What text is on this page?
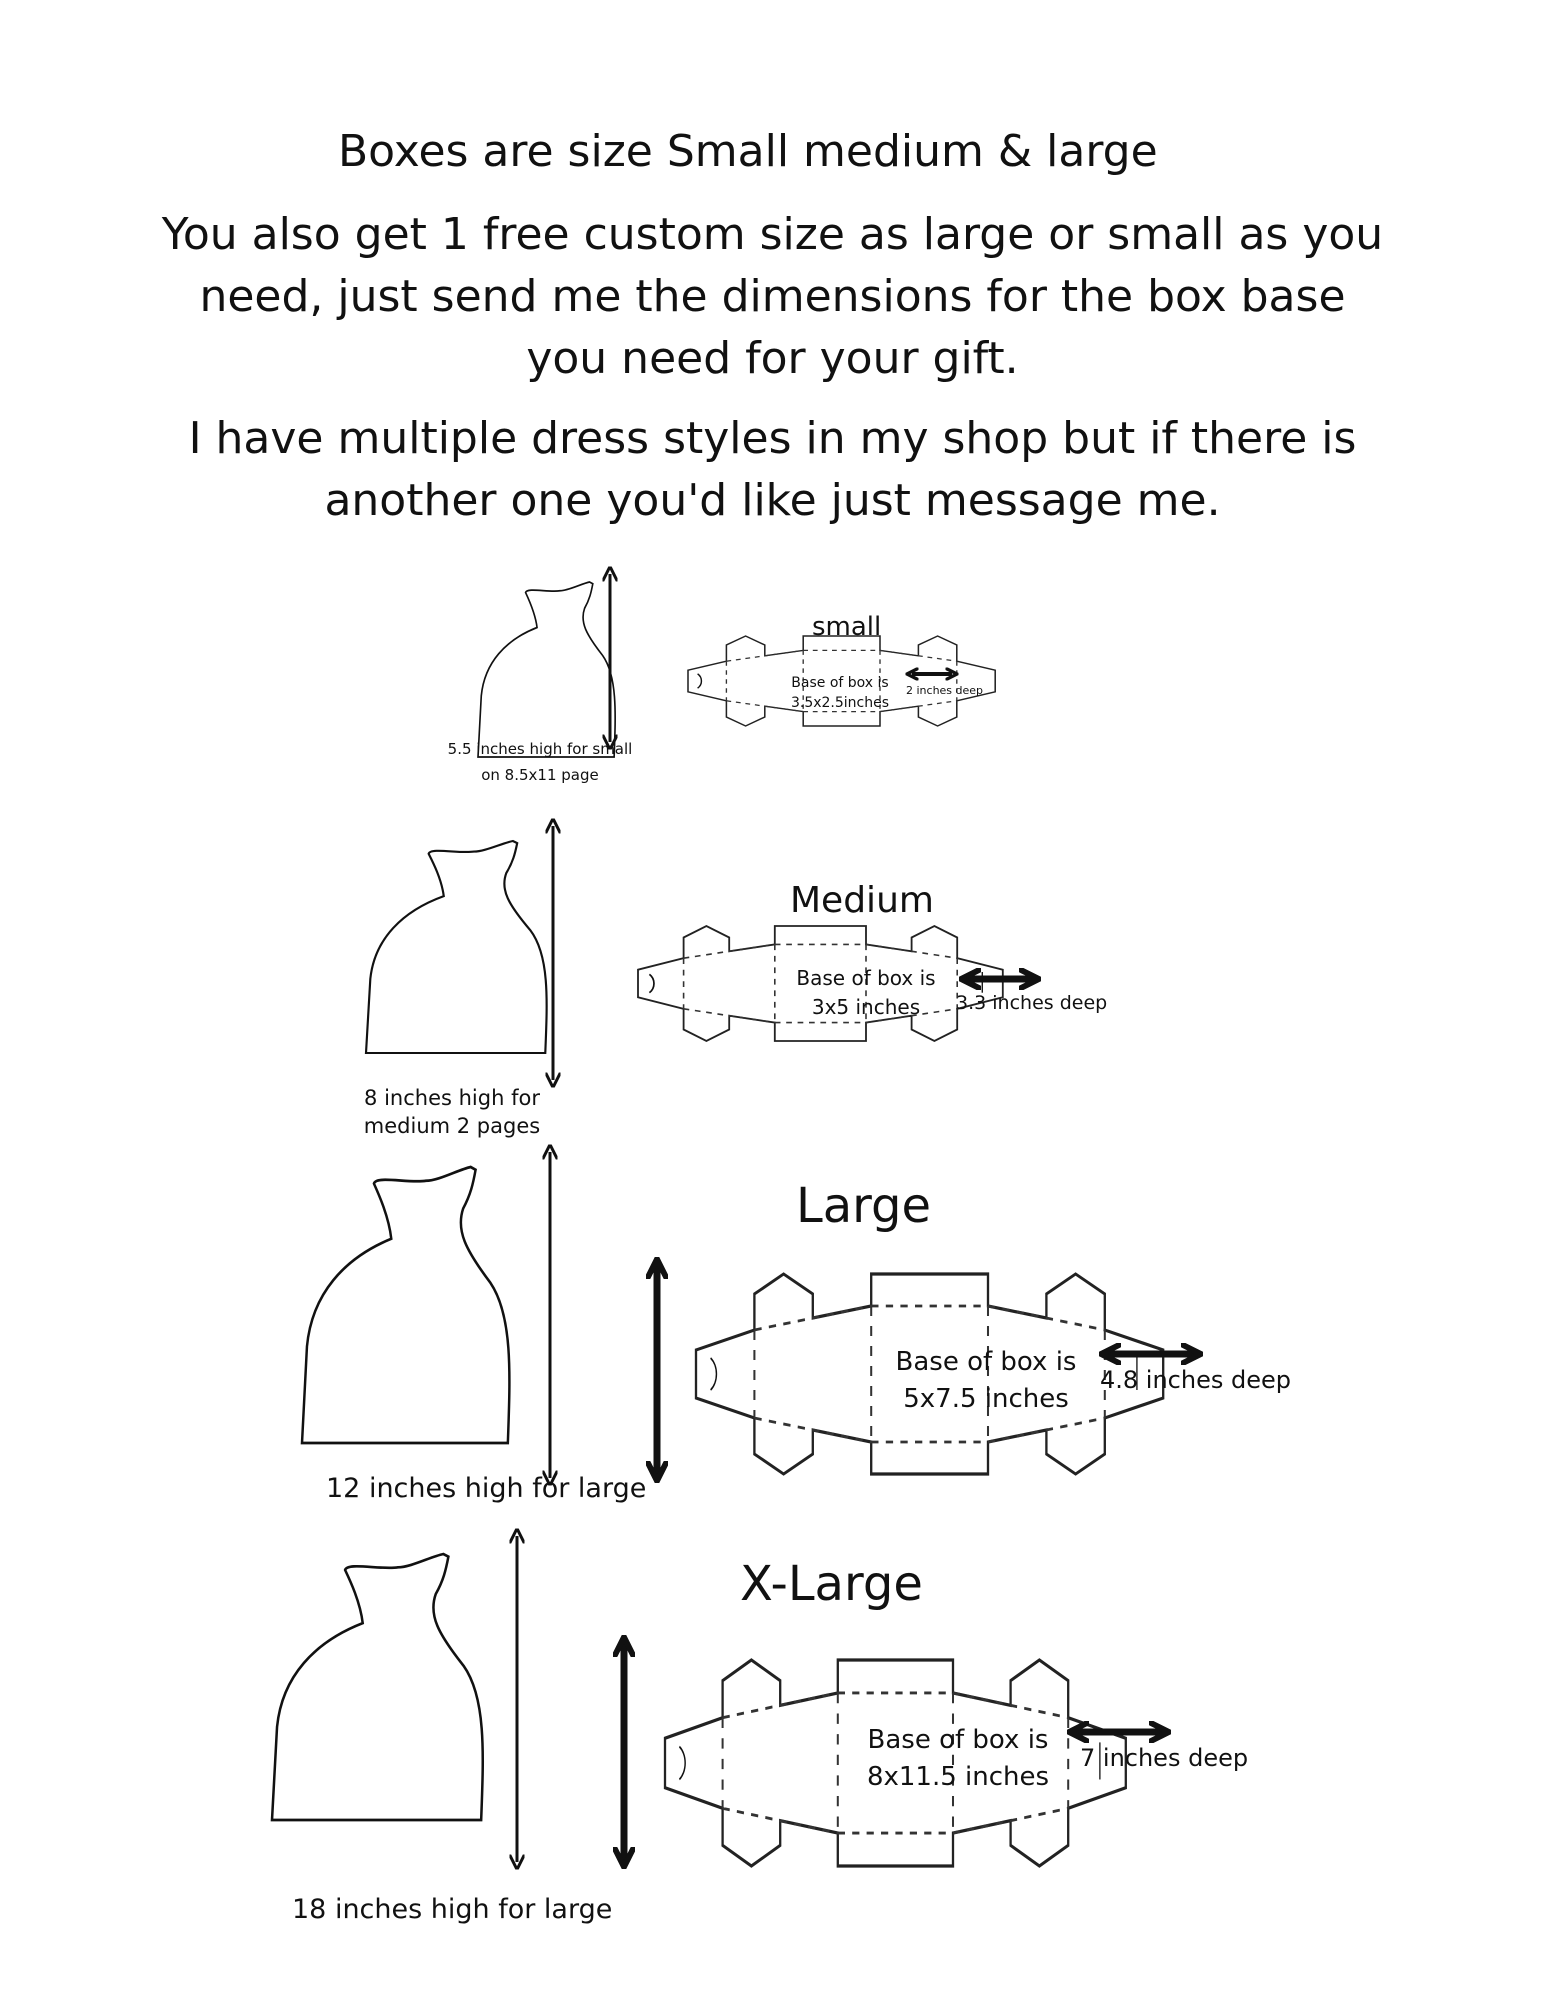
Boxes are size Small medium & large
You also get 1 free custom size as large or small as you
need, just send me the dimensions for the box base
you need for your gift.
I have multiple dress styles in my shop but if there is
another one you'd like just message me.
small
5.5 inches high for small
on 8.5x11 page
Base of box is
3.5x2.5inches
2 inches deep
Medium
8 inches high for
medium 2 pages
Base of box is
3x5 inches	3.3 inches deep
Large
12 inches high for large
Base of box is
5x7.5 inches
4.8 inches deep
X-Large
18 inches high for large
Base of box is
8x11.5 inches
7 inches deep
